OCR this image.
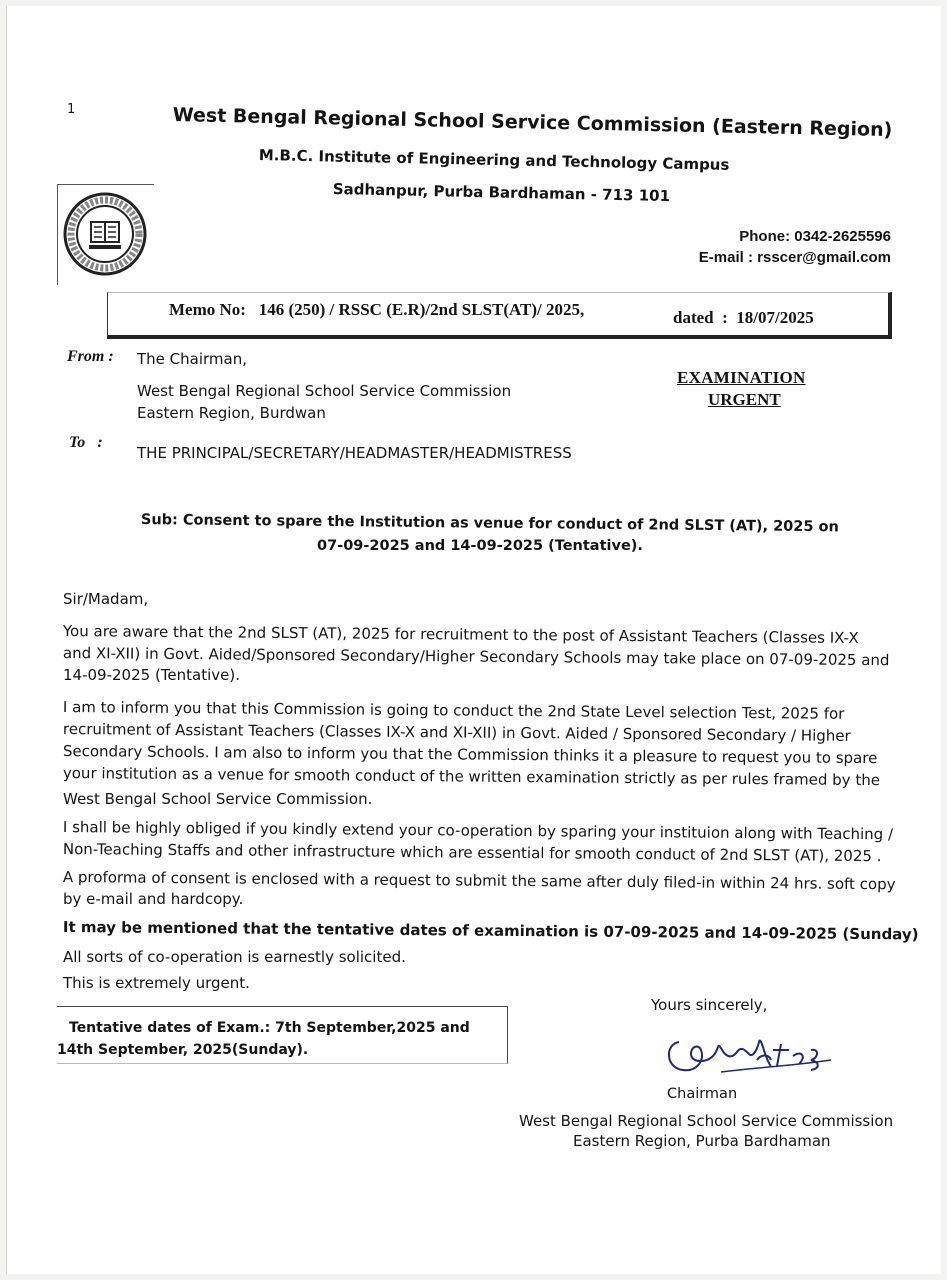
1	West Bengal Regional School Service Commission (Eastern Region)
M.B.C. Institute of Engineering and Technology Campus
Sadhanpur, Purba Bardhaman - 713 101
Phone: 0342-2625596
E-mail : rsscer@gmail.com
Memo No: 146 (250) / RSSC (E.R)/2nd SLST(AT)/ 2025,	dated  :  18/07/2025
From : The Chairman,
West Bengal Regional School Service Commission
Eastern Region, Burdwan
EXAMINATION
URGENT
To :
THE PRINCIPAL/SECRETARY/HEADMASTER/HEADMISTRESS
Sub: Consent to spare the Institution as venue for conduct of 2nd SLST (AT), 2025 on
07-09-2025 and 14-09-2025 (Tentative).
Sir/Madam,
You are aware that the 2nd SLST (AT), 2025 for recruitment to the post of Assistant Teachers (Classes IX-X
and XI-XII) in Govt. Aided/Sponsored Secondary/Higher Secondary Schools may take place on 07-09-2025 and
14-09-2025 (Tentative).
I am to inform you that this Commission is going to conduct the 2nd State Level selection Test, 2025 for
recruitment of Assistant Teachers (Classes IX-X and XI-XII) in Govt. Aided / Sponsored Secondary / Higher
Secondary Schools. I am also to inform you that the Commission thinks it a pleasure to request you to spare
your institution as a venue for smooth conduct of the written examination strictly as per rules framed by the
West Bengal School Service Commission.
I shall be highly obliged if you kindly extend your co-operation by sparing your instituion along with Teaching /
Non-Teaching Staffs and other infrastructure which are essential for smooth conduct of 2nd SLST (AT), 2025 .
A proforma of consent is enclosed with a request to submit the same after duly filed-in within 24 hrs. soft copy
by e-mail and hardcopy.
It may be mentioned that the tentative dates of examination is 07-09-2025 and 14-09-2025 (Sunday)
All sorts of co-operation is earnestly solicited.
This is extremely urgent.
Yours sincerely,
Tentative dates of Exam.: 7th September,2025 and
14th September, 2025(Sunday).
Chairman
West Bengal Regional School Service Commission
Eastern Region, Purba Bardhaman
